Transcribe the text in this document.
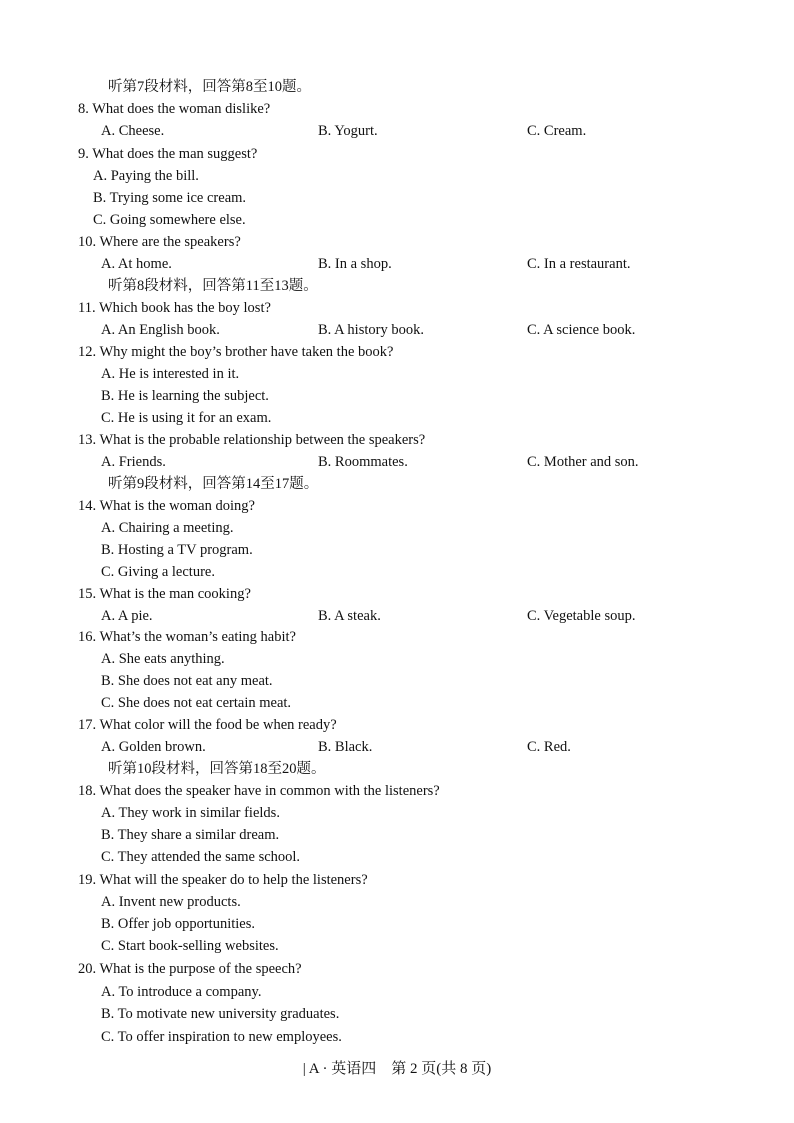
听第7段材料，回答第8至10题。
8. What does the woman dislike?
A. Cheese.	B. Yogurt.	C. Cream.
9. What does the man suggest?
A. Paying the bill.
B. Trying some ice cream.
C. Going somewhere else.
10. Where are the speakers?
A. At home.	B. In a shop.	C. In a restaurant.
听第8段材料，回答第11至13题。
11. Which book has the boy lost?
A. An English book.	B. A history book.	C. A science book.
12. Why might the boy’s brother have taken the book?
A. He is interested in it.
B. He is learning the subject.
C. He is using it for an exam.
13. What is the probable relationship between the speakers?
A. Friends.	B. Roommates.	C. Mother and son.
听第9段材料，回答第14至17题。
14. What is the woman doing?
A. Chairing a meeting.
B. Hosting a TV program.
C. Giving a lecture.
15. What is the man cooking?
A. A pie.	B. A steak.	C. Vegetable soup.
16. What’s the woman’s eating habit?
A. She eats anything.
B. She does not eat any meat.
C. She does not eat certain meat.
17. What color will the food be when ready?
A. Golden brown.	B. Black.	C. Red.
听第10段材料，回答第18至20题。
18. What does the speaker have in common with the listeners?
A. They work in similar fields.
B. They share a similar dream.
C. They attended the same school.
19. What will the speaker do to help the listeners?
A. Invent new products.
B. Offer job opportunities.
C. Start book-selling websites.
20. What is the purpose of the speech?
A. To introduce a company.
B. To motivate new university graduates.
C. To offer inspiration to new employees.
| A · 英语四　第 2 页(共 8 页)
